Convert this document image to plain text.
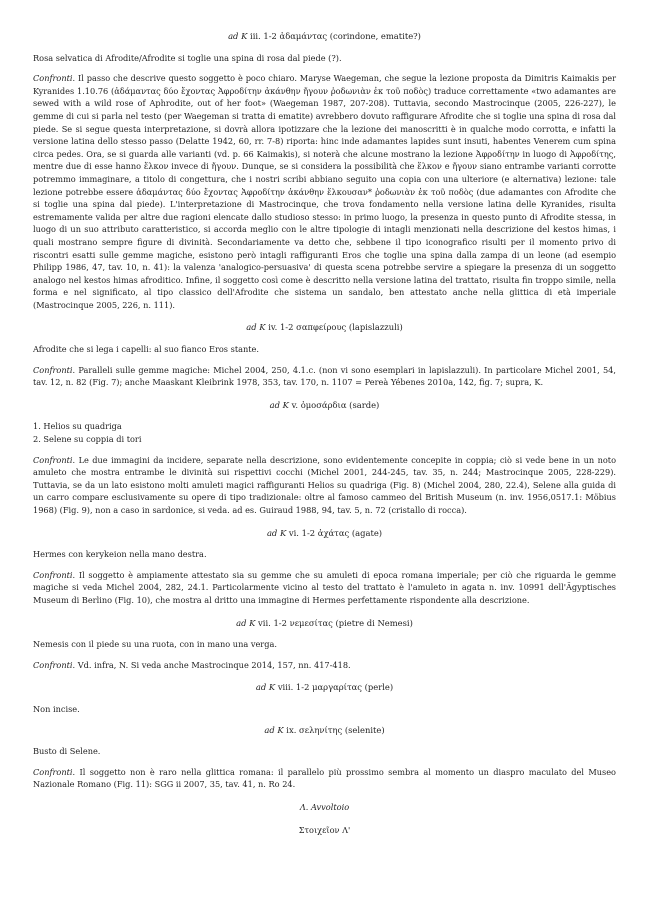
ad K iii. 1-2 ἀδαμάντας (corindone, ematite?)

Rosa selvatica di Afrodite/Afrodite si toglie una spina di rosa dal piede (?).

Confronti. Il passo che descrive questo soggetto è poco chiaro. Maryse Waegeman, che segue la lezione proposta da Dimitris Kaimakis per Kyranides 1.10.76 (ἀδάμαντας δύο ἔχοντας Ἀφροδίτην ἀκάνθην ἤγουν ῥοδωνιὰν ἐκ τοῦ ποδὸς) traduce correttamente «two adamantes are sewed with a wild rose of Aphrodite, out of her foot» (Waegeman 1987, 207-208). Tuttavia, secondo Mastrocinque (2005, 226-227), le gemme di cui si parla nel testo (per Waegeman si tratta di ematite) avrebbero dovuto raffigurare Afrodite che si toglie una spina di rosa dal piede. Se si segue questa interpretazione, si dovrà allora ipotizzare che la lezione dei manoscritti è in qualche modo corrotta, e infatti la versione latina dello stesso passo (Delatte 1942, 60, rr. 7-8) riporta: hinc inde adamantes lapides sunt insuti, habentes Venerem cum spina circa pedes. Ora, se si guarda alle varianti (vd. p. 66 Kaimakis), si noterà che alcune mostrano la lezione Ἀφροδίτην in luogo di Ἀφροδίτης, mentre due di esse hanno ἕλκον invece di ἤγουν. Dunque, se si considera la possibilità che ἕλκον e ἤγουν siano entrambe varianti corrotte potremmo immaginare, a titolo di congettura, che i nostri scribi abbiano seguito una copia con una ulteriore (e alternativa) lezione: tale lezione potrebbe essere ἀδαμάντας δύο ἔχοντας Ἀφροδίτην ἀκάνθην ἕλκουσαν* ῥοδωνιὰν ἐκ τοῦ ποδὸς (due adamantes con Afrodite che si toglie una spina dal piede). L'interpretazione di Mastrocinque, che trova fondamento nella versione latina delle Kyranides, risulta estremamente valida per altre due ragioni elencate dallo studioso stesso: in primo luogo, la presenza in questo punto di Afrodite stessa, in luogo di un suo attributo caratteristico, si accorda meglio con le altre tipologie di intagli menzionati nella descrizione del kestos himas, i quali mostrano sempre figure di divinità. Secondariamente va detto che, sebbene il tipo iconografico risulti per il momento privo di riscontri esatti sulle gemme magiche, esistono però intagli raffiguranti Eros che toglie una spina dalla zampa di un leone (ad esempio Philipp 1986, 47, tav. 10, n. 41): la valenza 'analogico-persuasiva' di questa scena potrebbe servire a spiegare la presenza di un soggetto analogo nel kestos himas afroditico. Infine, il soggetto così come è descritto nella versione latina del trattato, risulta fin troppo simile, nella forma e nel significato, al tipo classico dell'Afrodite che sistema un sandalo, ben attestato anche nella glittica di età imperiale (Mastrocinque 2005, 226, n. 111).

ad K iv. 1-2 σαπφείρους (lapislazzuli)

Afrodite che si lega i capelli: al suo fianco Eros stante.

Confronti. Paralleli sulle gemme magiche: Michel 2004, 250, 4.1.c. (non vi sono esemplari in lapislazzuli). In particolare Michel 2001, 54, tav. 12, n. 82 (Fig. 7); anche Maaskant Kleibrink 1978, 353, tav. 170, n. 1107 = Pereà Yébenes 2010a, 142, fig. 7; supra, K.

ad K v. ὀμοσάρδια (sarde)

1. Helios su quadriga

2. Selene su coppia di tori

Confronti. Le due immagini da incidere, separate nella descrizione, sono evidentemente concepite in coppia; ciò si vede bene in un noto amuleto che mostra entrambe le divinità sui rispettivi cocchi (Michel 2001, 244-245, tav. 35, n. 244; Mastrocinque 2005, 228-229). Tuttavia, se da un lato esistono molti amuleti magici raffiguranti Helios su quadriga (Fig. 8) (Michel 2004, 280, 22.4), Selene alla guida di un carro compare esclusivamente su opere di tipo tradizionale: oltre al famoso cammeo del British Museum (n. inv. 1956,0517.1: Möbius 1968) (Fig. 9), non a caso in sardonice, si veda. ad es. Guiraud 1988, 94, tav. 5, n. 72 (cristallo di rocca).

ad K vi. 1-2 ἀχάτας (agate)

Hermes con kerykeion nella mano destra.

Confronti. Il soggetto è ampiamente attestato sia su gemme che su amuleti di epoca romana imperiale; per ciò che riguarda le gemme magiche si veda Michel 2004, 282, 24.1. Particolarmente vicino al testo del trattato è l'amuleto in agata n. inv. 10991 dell'Ägyptisches Museum di Berlino (Fig. 10), che mostra al dritto una immagine di Hermes perfettamente rispondente alla descrizione.

ad K vii. 1-2 νεμεσίτας (pietre di Nemesi)

Nemesis con il piede su una ruota, con in mano una verga.

Confronti. Vd. infra, N. Si veda anche Mastrocinque 2014, 157, nn. 417-418.

ad K viii. 1-2 μαργαρίτας (perle)

Non incise.

ad K ix. σεληνίτης (selenite)

Busto di Selene.

Confronti. Il soggetto non è raro nella glittica romana: il parallelo più prossimo sembra al momento un diaspro maculato del Museo Nazionale Romano (Fig. 11): SGG ii 2007, 35, tav. 41, n. Ro 24.

Λ. Avvoltoio

Στοιχεῖον Λ'
